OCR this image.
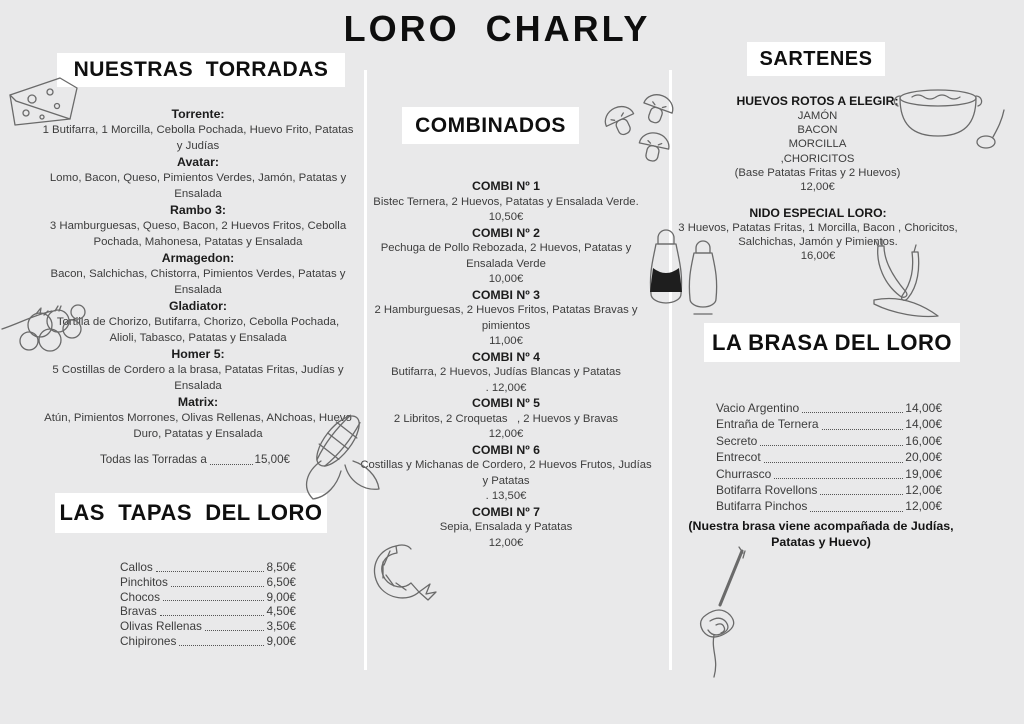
LORO  CHARLY
NUESTRAS  TORRADAS
Torrente:
1 Butifarra, 1 Morcilla, Cebolla Pochada, Huevo Frito, Patatas y Judías
Avatar:
Lomo, Bacon, Queso, Pimientos Verdes, Jamón, Patatas y Ensalada
Rambo 3:
3 Hamburguesas, Queso, Bacon, 2 Huevos Fritos, Cebolla Pochada, Mahonesa, Patatas y Ensalada
Armagedon:
Bacon, Salchichas, Chistorra, Pimientos Verdes, Patatas y Ensalada
Gladiator:
Tortilla de Chorizo, Butifarra, Chorizo, Cebolla Pochada, Alioli, Tabasco, Patatas y Ensalada
Homer 5:
5 Costillas de Cordero a la brasa, Patatas Fritas, Judías y Ensalada
Matrix:
Atún, Pimientos Morrones, Olivas Rellenas, ANchoas, Huevo Duro, Patatas y Ensalada
Todas las Torradas a	15,00€
LAS  TAPAS  DEL LORO
Callos	8,50€
Pinchitos	6,50€
Chocos	9,00€
Bravas	4,50€
Olivas Rellenas	3,50€
Chipirones	9,00€
COMBINADOS
COMBI Nº 1
Bistec Ternera, 2 Huevos, Patatas y Ensalada Verde.
10,50€
COMBI Nº 2
Pechuga de Pollo Rebozada, 2 Huevos, Patatas y Ensalada Verde
10,00€
COMBI Nº 3
2 Hamburguesas, 2 Huevos Fritos, Patatas Bravas y pimientos
11,00€
COMBI Nº 4
Butifarra, 2 Huevos, Judías Blancas y Patatas
. 12,00€
COMBI Nº 5
2 Libritos, 2 Croquetas   , 2 Huevos y Bravas
12,00€
COMBI Nº 6
Costillas y Michanas de Cordero, 2 Huevos Frutos, Judías y Patatas
. 13,50€
COMBI Nº 7
Sepia, Ensalada y Patatas
12,00€
SARTENES
HUEVOS ROTOS A ELEGIR:
JAMÓN
BACON
MORCILLA
,CHORICITOS
(Base Patatas Fritas y 2 Huevos)
12,00€
NIDO ESPECIAL LORO:
3 Huevos, Patatas Fritas, 1 Morcilla, Bacon , Choricitos, Salchichas, Jamón y Pimientos.
16,00€
LA BRASA DEL LORO
Vacio Argentino	14,00€
Entraña de Ternera	14,00€
Secreto	16,00€
Entrecot	20,00€
Churrasco	19,00€
Botifarra Rovellons	12,00€
Butifarra Pinchos	12,00€
(Nuestra brasa viene acompañada de Judías, Patatas y Huevo)
